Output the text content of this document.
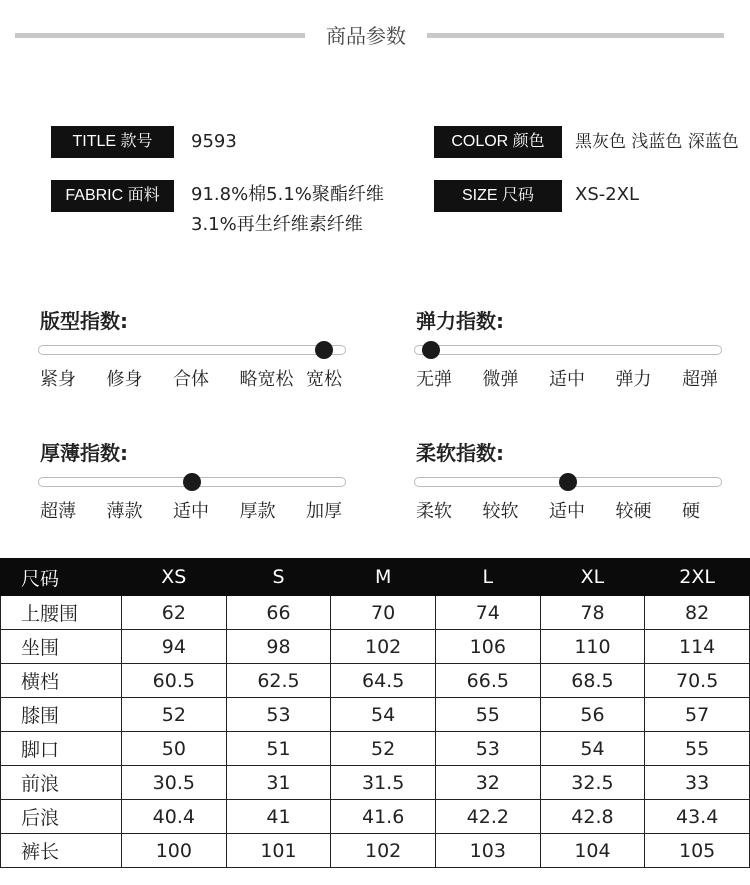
商品参数
TITLE 款号	9593	COLOR 颜色	黑灰色 浅蓝色 深蓝色
FABRIC 面料	91.8%棉5.1%聚酯纤维
3.1%再生纤维素纤维
SIZE 尺码	XS-2XL
版型指数:
紧身 修身 合体 略宽松 宽松
弹力指数:
无弹 微弹 适中 弹力 超弹
厚薄指数:
超薄 薄款 适中 厚款 加厚
柔软指数:
柔软 较软 适中 较硬 硬
尺码	XS	S	M	L	XL	2XL
上腰围	62	66	70	74	78	82
坐围	94	98	102	106	110	114
横档	60.5	62.5	64.5	66.5	68.5	70.5
膝围	52	53	54	55	56	57
脚口	50	51	52	53	54	55
前浪	30.5	31	31.5	32	32.5	33
后浪	40.4	41	41.6	42.2	42.8	43.4
裤长	100	101	102	103	104	105
